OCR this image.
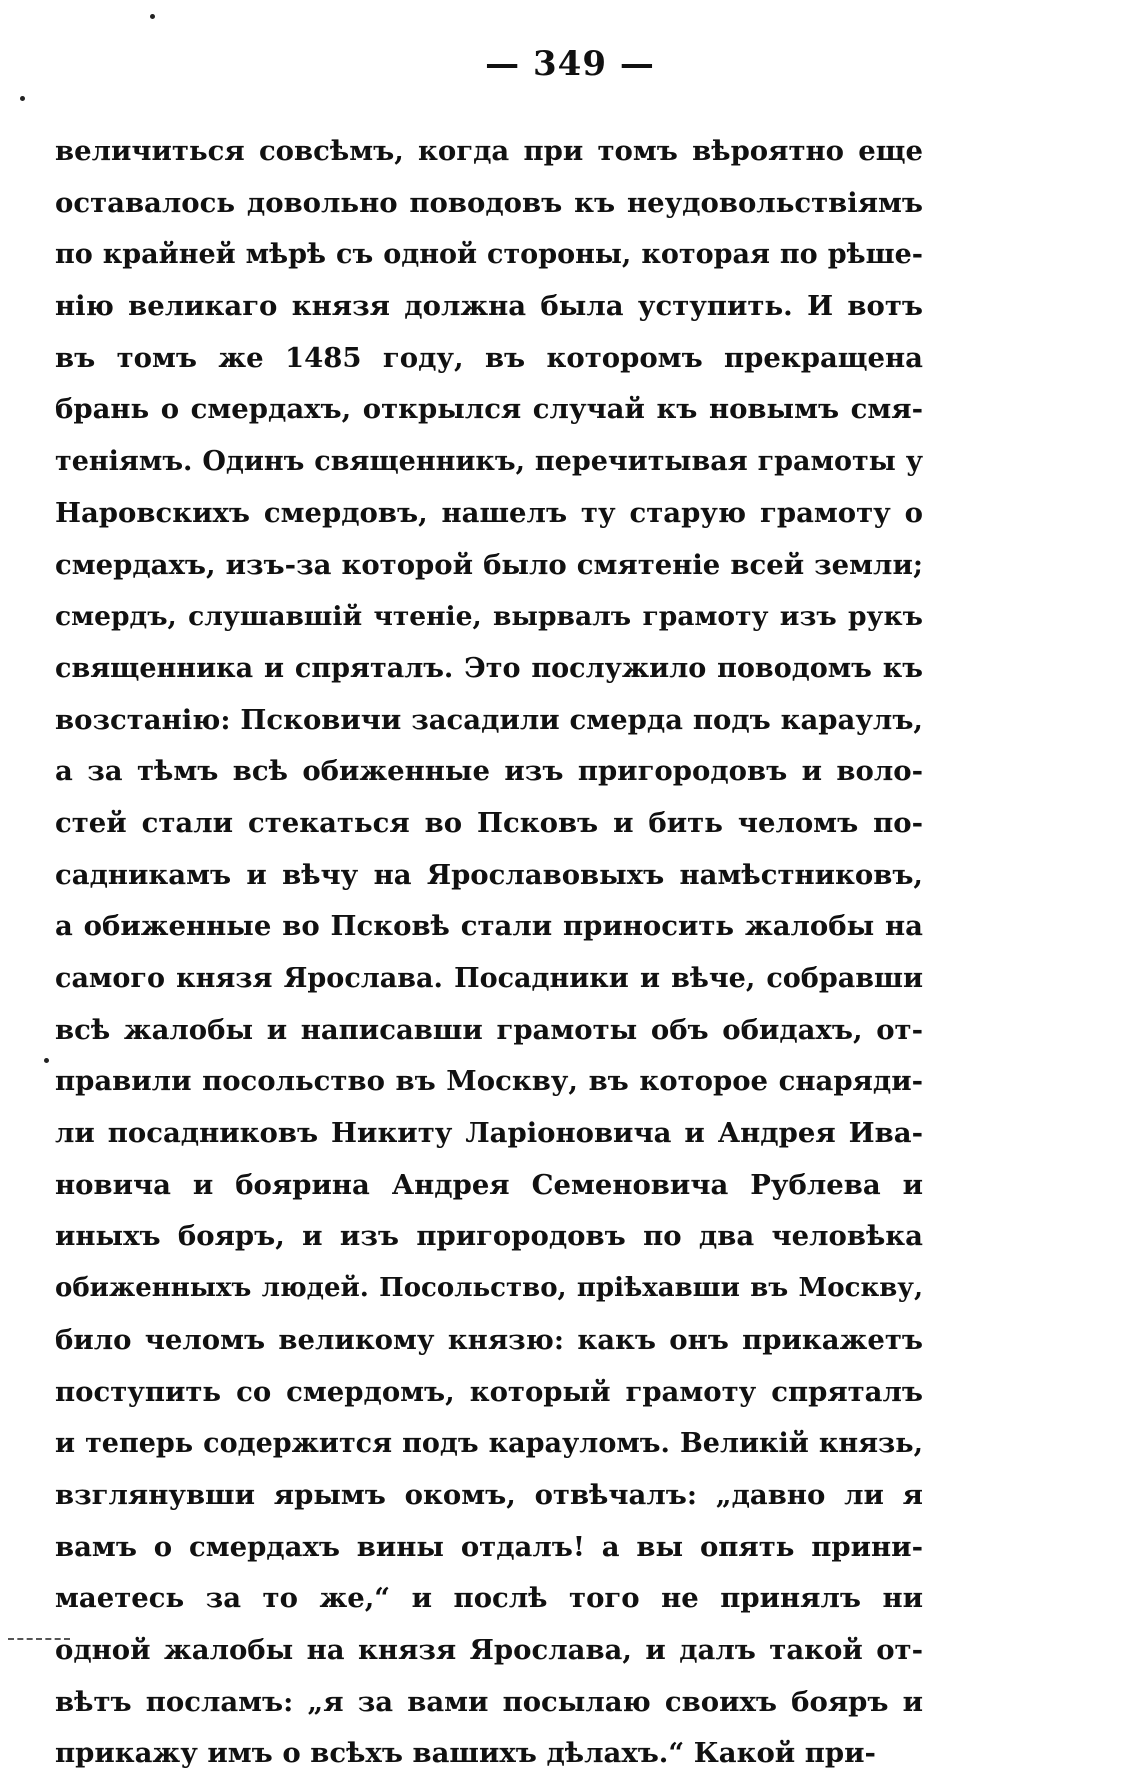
— 349 —
величиться совсѣмъ, когда при томъ вѣроятно еще
оставалось довольно поводовъ къ неудовольствіямъ
по крайней мѣрѣ съ одной стороны, которая по рѣше-
нію великаго князя должна была уступить. И вотъ
въ томъ же 1485 году, въ которомъ прекращена
брань о смердахъ, открылся случай къ новымъ смя-
теніямъ. Одинъ священникъ, перечитывая грамоты у
Наровскихъ смердовъ, нашелъ ту старую грамоту о
смердахъ, изъ-за которой было смятеніе всей земли;
смердъ, слушавшій чтеніе, вырвалъ грамоту изъ рукъ
священника и спряталъ. Это послужило поводомъ къ
возстанію: Псковичи засадили смерда подъ караулъ,
а за тѣмъ всѣ обиженные изъ пригородовъ и воло-
стей стали стекаться во Псковъ и бить челомъ по-
садникамъ и вѣчу на Ярославовыхъ намѣстниковъ,
а обиженные во Псковѣ стали приносить жалобы на
самого князя Ярослава. Посадники и вѣче, собравши
всѣ жалобы и написавши грамоты объ обидахъ, от-
правили посольство въ Москву, въ которое снаряди-
ли посадниковъ Никиту Ларіоновича и Андрея Ива-
новича и боярина Андрея Семеновича Рублева и
иныхъ бояръ, и изъ пригородовъ по два человѣка
обиженныхъ людей. Посольство, пріѣхавши въ Москву,
било челомъ великому князю: какъ онъ прикажетъ
поступить со смердомъ, который грамоту спряталъ
и теперь содержится подъ карауломъ. Великій князь,
взглянувши ярымъ окомъ, отвѣчалъ: „давно ли я
вамъ о смердахъ вины отдалъ! а вы опять прини-
маетесь за то же,“ и послѣ того не принялъ ни
одной жалобы на князя Ярослава, и далъ такой от-
вѣтъ посламъ: „я за вами посылаю своихъ бояръ и
прикажу имъ о всѣхъ вашихъ дѣлахъ.“ Какой при-
